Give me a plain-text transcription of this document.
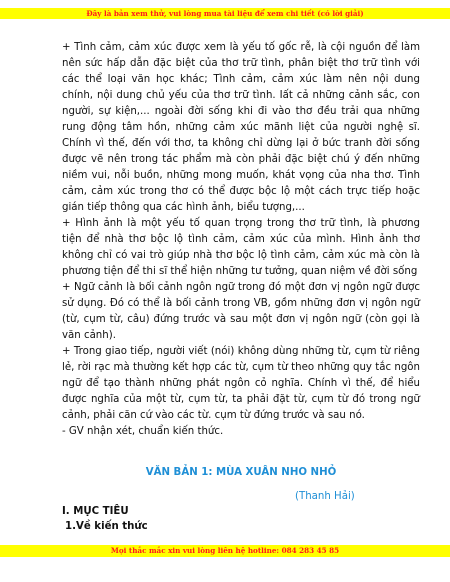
Đây là bản xem thử, vui lòng mua tài liệu để xem chi tiết (có lời giải)

+ Tình cảm, cảm xúc được xem là yếu tố gốc rễ, là cội nguồn để làm nên sức hấp dẫn đặc biệt của thơ trữ tình, phân biệt thơ trữ tình với các thể loại văn học khác; Tình cảm, cảm xúc làm nên nội dung chính, nội dung chủ yếu của thơ trữ tình. Iất cả những cảnh sắc, con người, sự kiện,... ngoài đời sống khi đi vào thơ đều trải qua những rung động tâm hồn, những cảm xúc mãnh liệt của người nghệ sĩ. Chính vì thế, đến với thơ, ta không chỉ dừng lại ở bức tranh đời sống được vẽ nên trong tác phẩm mà còn phải đặc biệt chú ý đến những niềm vui, nỗi buồn, những mong muốn, khát vọng của nha thơ. Tình cảm, cảm xúc trong thơ có thể được bộc lộ một cách trực tiếp hoặc gián tiếp thông qua các hình ảnh, biểu tượng,...

+ Hình ảnh là một yếu tố quan trọng trong thơ trữ tình, là phương tiện để nhà thơ bộc lộ tình cảm, cảm xúc của mình. Hình ảnh thơ không chỉ có vai trò giúp nhà thơ bộc lộ tình cảm, cảm xúc mà còn là phương tiện để thi sĩ thể hiện những tư tưởng, quan niệm về đời sống

+ Ngữ cảnh là bối cảnh ngôn ngữ trong đó một đơn vị ngôn ngữ được sử dụng. Đó có thể là bối cảnh trong VB, gồm những đơn vị ngôn ngữ (từ, cụm từ, câu) đứng trước và sau một đơn vị ngôn ngữ (còn gọi là văn cảnh).

+ Trong giao tiếp, người viết (nói) không dùng những từ, cụm từ riêng lẻ, rời rạc mà thường kết hợp các từ, cụm từ theo những quy tắc ngôn ngữ để tạo thành những phát ngôn cỏ nghĩa. Chính vì thế, để hiểu được nghĩa của một từ, cụm từ, ta phải đặt từ, cụm từ đó trong ngữ cảnh, phải căn cứ vào các từ. cụm từ đứng trước và sau nó.

- GV nhận xét, chuẩn kiến thức.

VĂN BẢN 1: MÙA XUÂN NHO NHỎ
(Thanh Hải)
I. MỤC TIÊU
1.Về kiến thức
Mọi thắc mắc xin vui lòng liên hệ hotline: 084 283 45 85
